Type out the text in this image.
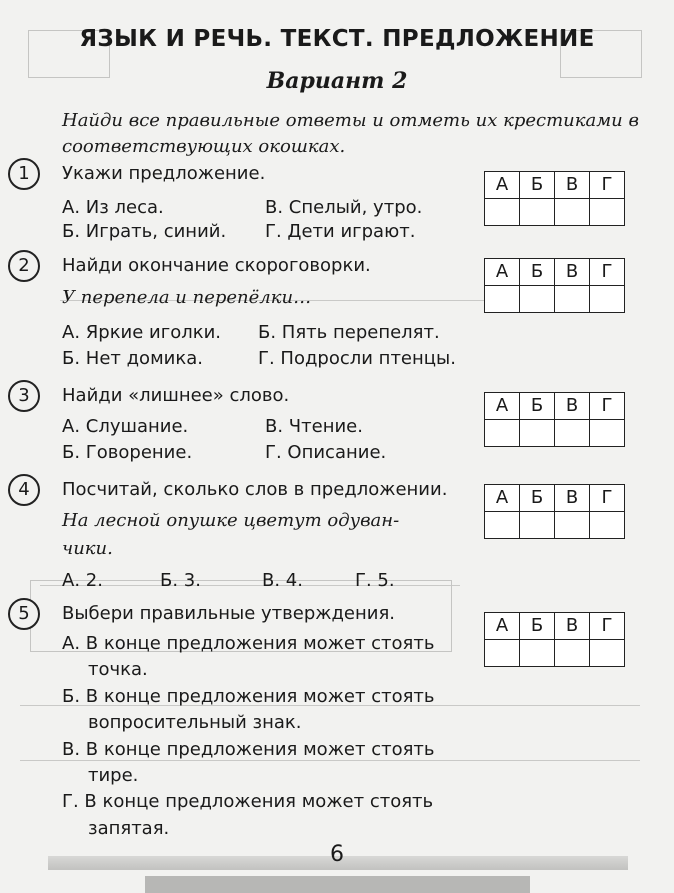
ЯЗЫК И РЕЧЬ. ТЕКСТ. ПРЕДЛОЖЕНИЕ
Вариант 2
Найди все правильные ответы и отметь их крестиками в соответствующих окошках.
1	Укажи предложение.
А. Из леса.	В. Спелый, утро.
Б. Играть, синий. Г. Дети играют.
А	Б	В	Г

2	Найди окончание скороговорки.
У перепела и перепёлки…
А. Яркие иголки. Б. Пять перепелят.
Б. Нет домика.	Г. Подросли птенцы.
А	Б	В	Г

3	Найди «лишнее» слово.
А. Слушание.	В. Чтение.
Б. Говорение.	Г. Описание.
А	Б	В	Г

4	Посчитай, сколько слов в предложении.
На лесной опушке цветут одуван-
чики.
А. 2.	Б. 3.	В. 4.	Г. 5.
А	Б	В	Г

5	Выбери правильные утверждения.
А. В конце предложения может стоять
точка.
Б. В конце предложения может стоять
вопросительный знак.
В. В конце предложения может стоять
тире.
Г. В конце предложения может стоять
запятая.
А	Б	В	Г

6
